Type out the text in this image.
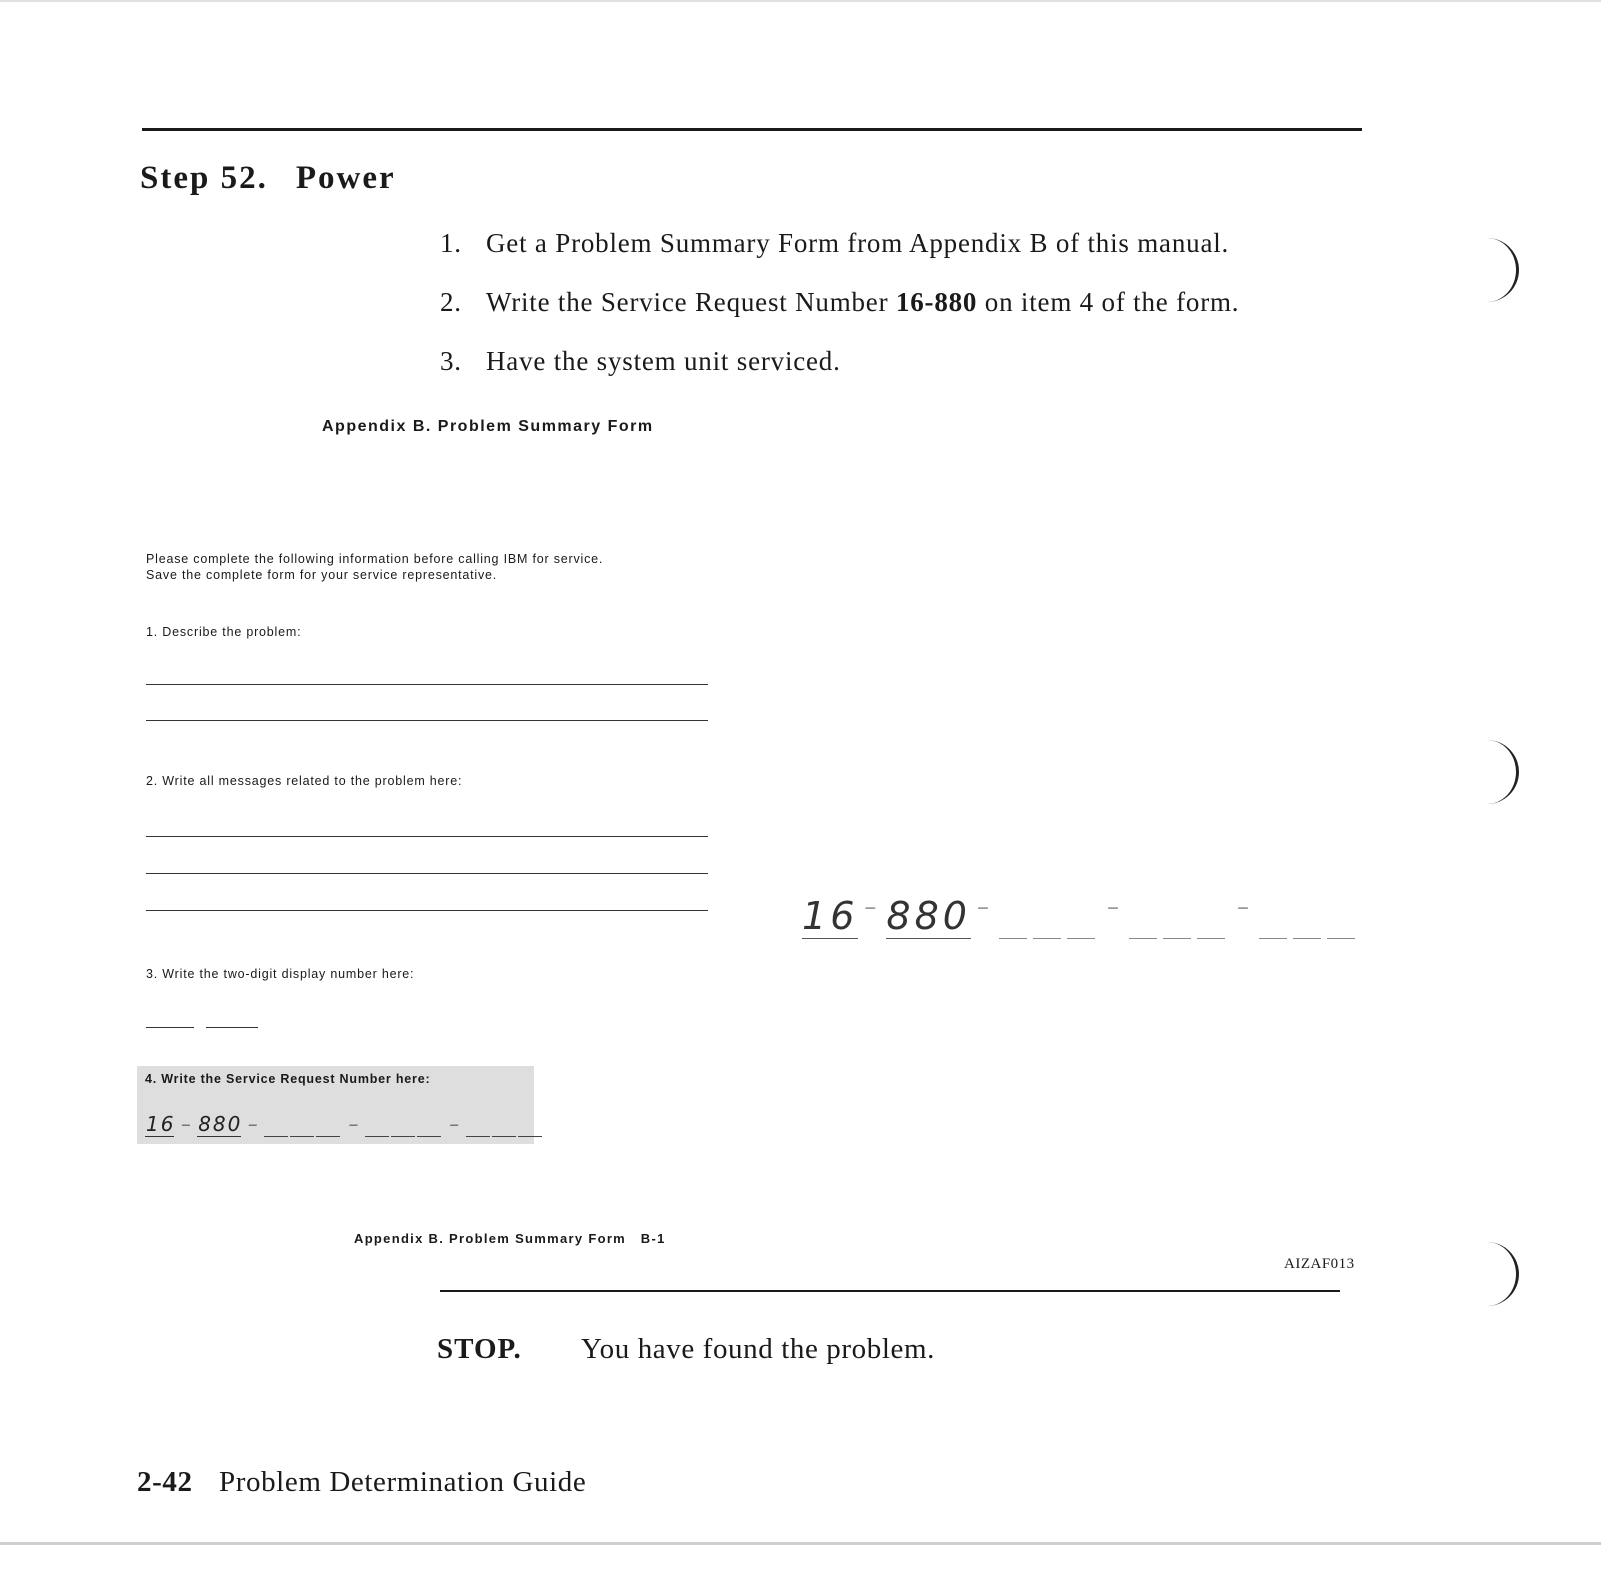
Step 52. Power
1. Get a Problem Summary Form from Appendix B of this manual.
2. Write the Service Request Number 16-880 on item 4 of the form.
3. Have the system unit serviced.
Appendix B. Problem Summary Form
Please complete the following information before calling IBM for service.
Save the complete form for your service representative.
1. Describe the problem:
2. Write all messages related to the problem here:
3. Write the two-digit display number here:
4. Write the Service Request Number here:
1 6 – 8 8 0 –	–	–
16 – 880 –	–	–
Appendix B. Problem Summary Form   B-1
AIZAF013
STOP. You have found the problem.
2-42 Problem Determination Guide
